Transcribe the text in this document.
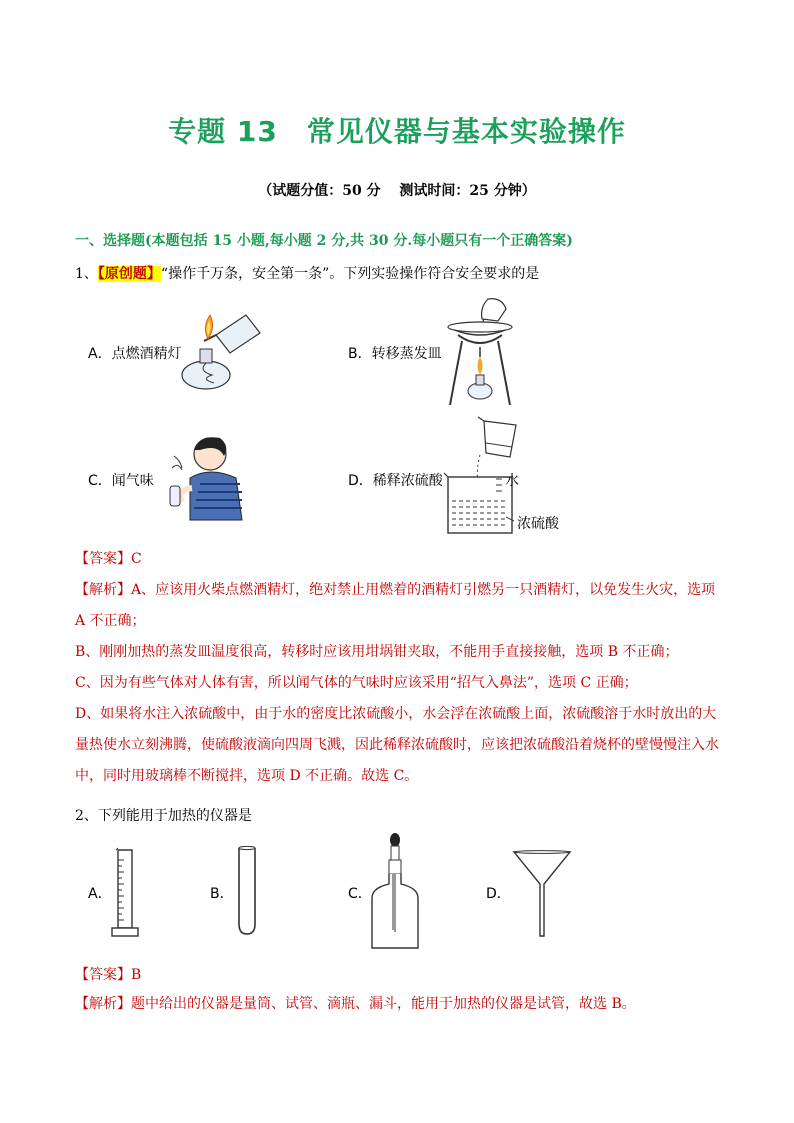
专题 13　常见仪器与基本实验操作
（试题分值：50 分　 测试时间：25 分钟）
一、选择题(本题包括 15 小题,每小题 2 分,共 30 分.每小题只有一个正确答案)
1、【原创题】“操作千万条，安全第一条”。下列实验操作符合安全要求的是
A．点燃酒精灯	B．转移蒸发皿
C．闻气味	D．稀释浓硫酸	水
浓硫酸
【答案】C
【解析】A、应该用火柴点燃酒精灯，绝对禁止用燃着的酒精灯引燃另一只酒精灯，以免发生火灾，选项
A 不正确；
B、刚刚加热的蒸发皿温度很高，转移时应该用坩埚钳夹取，不能用手直接接触，选项 B 不正确；
C、因为有些气体对人体有害，所以闻气体的气味时应该采用“招气入鼻法”，选项 C 正确；
D、如果将水注入浓硫酸中，由于水的密度比浓硫酸小，水会浮在浓硫酸上面，浓硫酸溶于水时放出的大
量热使水立刻沸腾，使硫酸液滴向四周飞溅，因此稀释浓硫酸时，应该把浓硫酸沿着烧杯的壁慢慢注入水
中，同时用玻璃棒不断搅拌，选项 D 不正确。故选 C。
2、下列能用于加热的仪器是
A．	B．	C．	D．
【答案】B
【解析】题中给出的仪器是量筒、试管、滴瓶、漏斗，能用于加热的仪器是试管，故选 B。
